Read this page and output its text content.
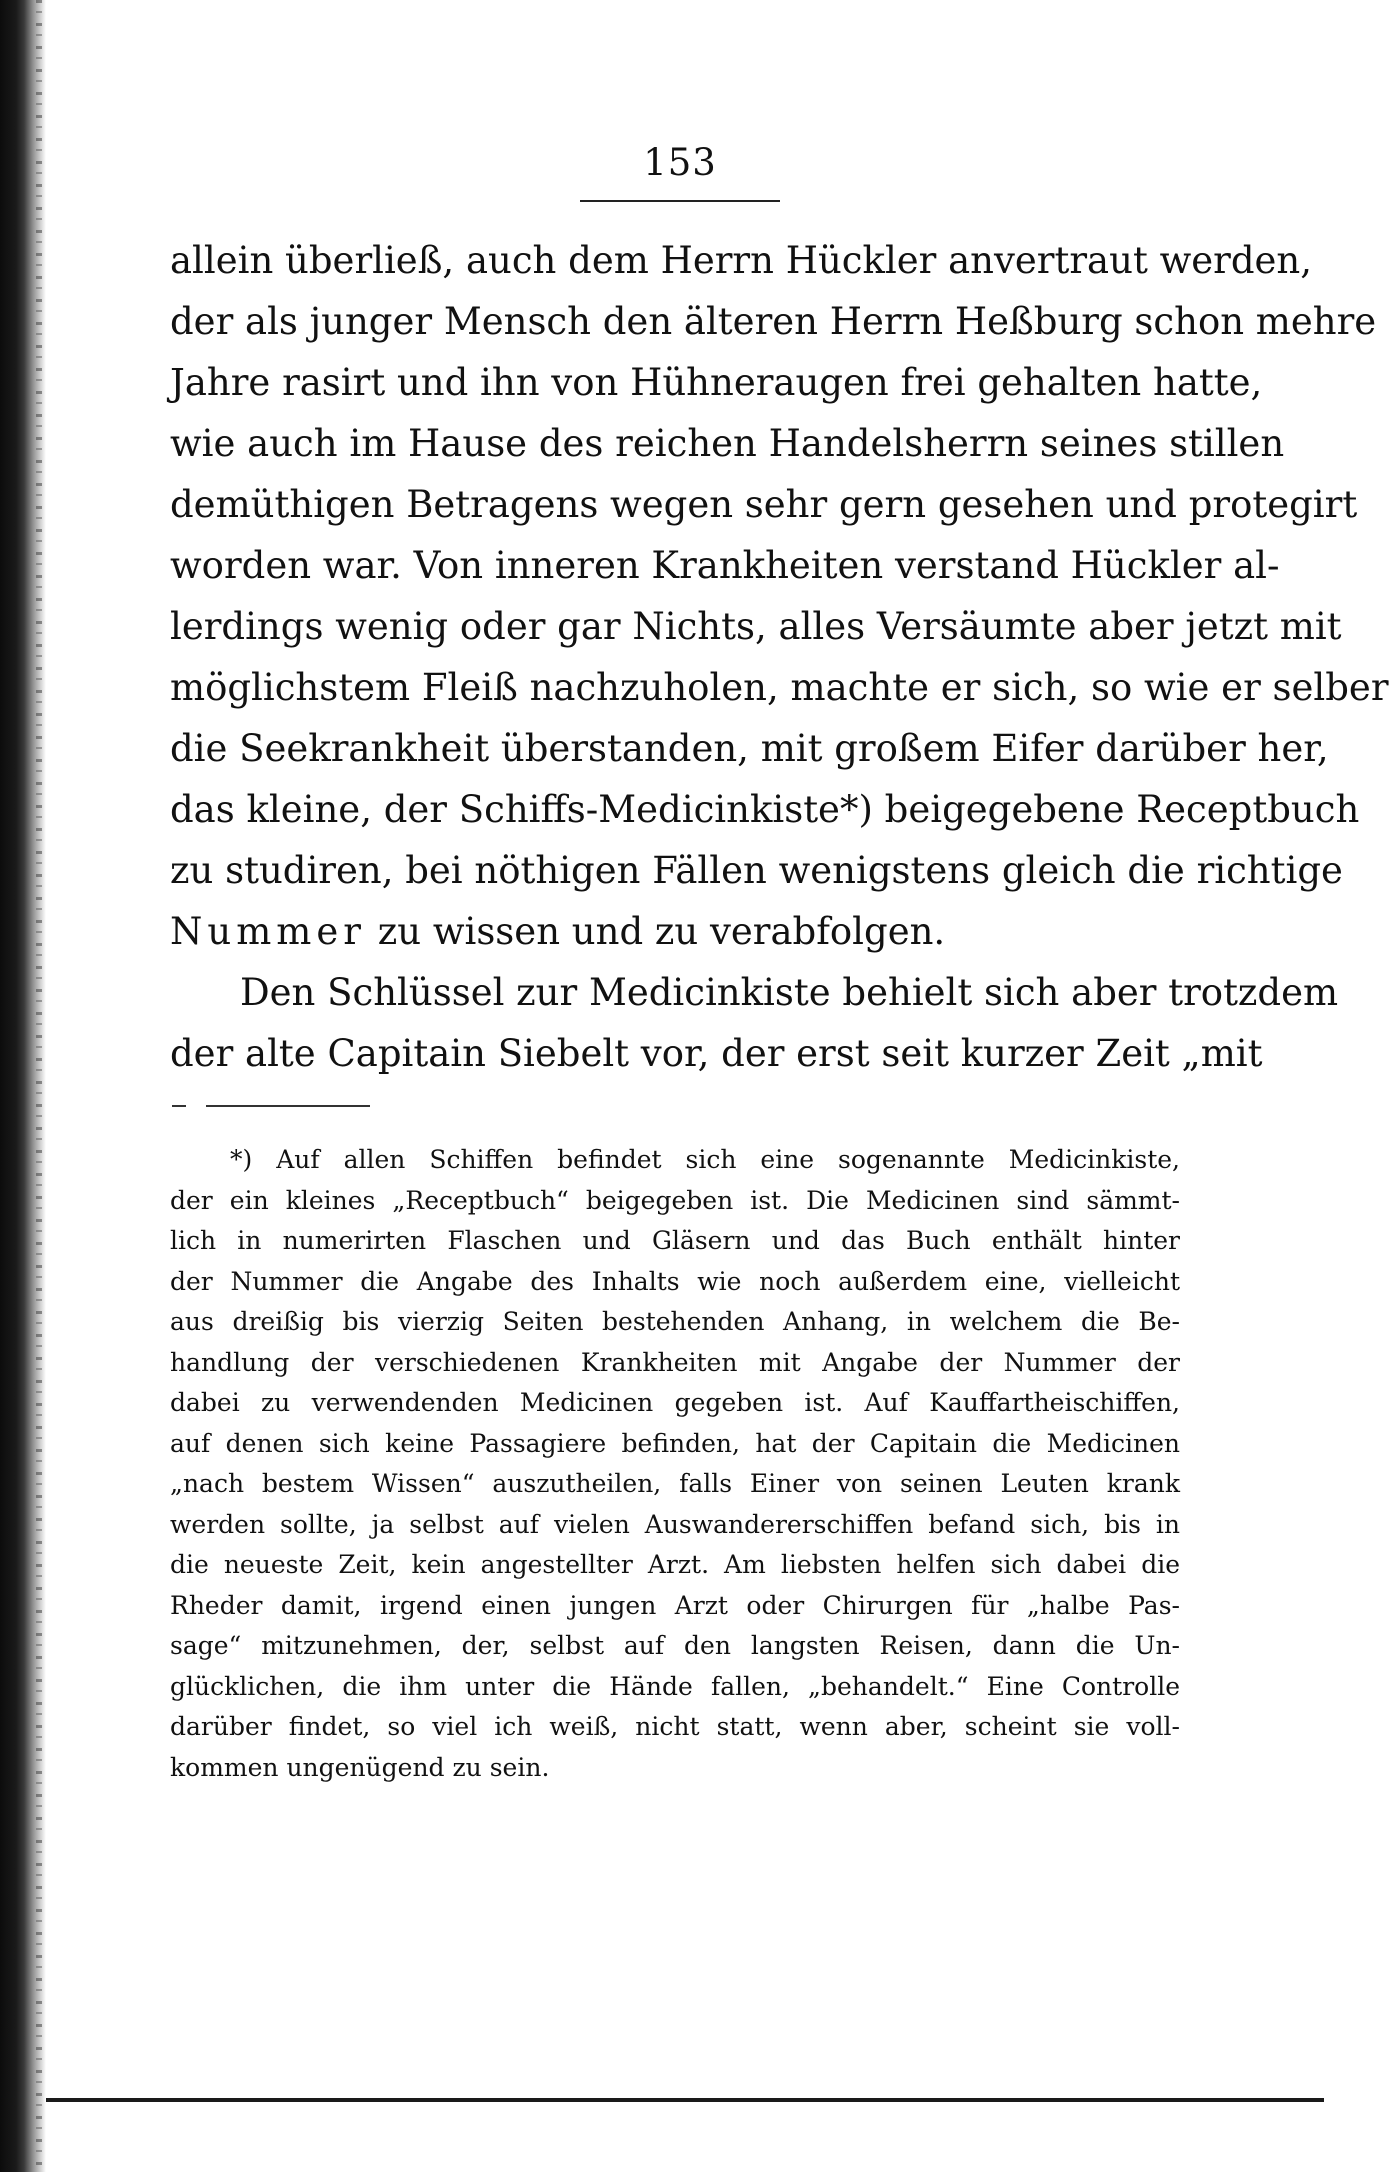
153
allein überließ, auch dem Herrn Hückler anvertraut werden,
der als junger Mensch den älteren Herrn Heßburg schon mehre
Jahre rasirt und ihn von Hühneraugen frei gehalten hatte,
wie auch im Hause des reichen Handelsherrn seines stillen
demüthigen Betragens wegen sehr gern gesehen und protegirt
worden war. Von inneren Krankheiten verstand Hückler al-
lerdings wenig oder gar Nichts, alles Versäumte aber jetzt mit
möglichstem Fleiß nachzuholen, machte er sich, so wie er selber
die Seekrankheit überstanden, mit großem Eifer darüber her,
das kleine, der Schiffs-Medicinkiste*) beigegebene Receptbuch
zu studiren, bei nöthigen Fällen wenigstens gleich die richtige
Nummer zu wissen und zu verabfolgen.
Den Schlüssel zur Medicinkiste behielt sich aber trotzdem
der alte Capitain Siebelt vor, der erst seit kurzer Zeit „mit
*) Auf allen Schiffen befindet sich eine sogenannte Medicinkiste,
der ein kleines „Receptbuch“ beigegeben ist. Die Medicinen sind sämmt-
lich in numerirten Flaschen und Gläsern und das Buch enthält hinter
der Nummer die Angabe des Inhalts wie noch außerdem eine, vielleicht
aus dreißig bis vierzig Seiten bestehenden Anhang, in welchem die Be-
handlung der verschiedenen Krankheiten mit Angabe der Nummer der
dabei zu verwendenden Medicinen gegeben ist. Auf Kauffartheischiffen,
auf denen sich keine Passagiere befinden, hat der Capitain die Medicinen
„nach bestem Wissen“ auszutheilen, falls Einer von seinen Leuten krank
werden sollte, ja selbst auf vielen Auswandererschiffen befand sich, bis in
die neueste Zeit, kein angestellter Arzt. Am liebsten helfen sich dabei die
Rheder damit, irgend einen jungen Arzt oder Chirurgen für „halbe Pas-
sage“ mitzunehmen, der, selbst auf den langsten Reisen, dann die Un-
glücklichen, die ihm unter die Hände fallen, „behandelt.“ Eine Controlle
darüber findet, so viel ich weiß, nicht statt, wenn aber, scheint sie voll-
kommen ungenügend zu sein.
